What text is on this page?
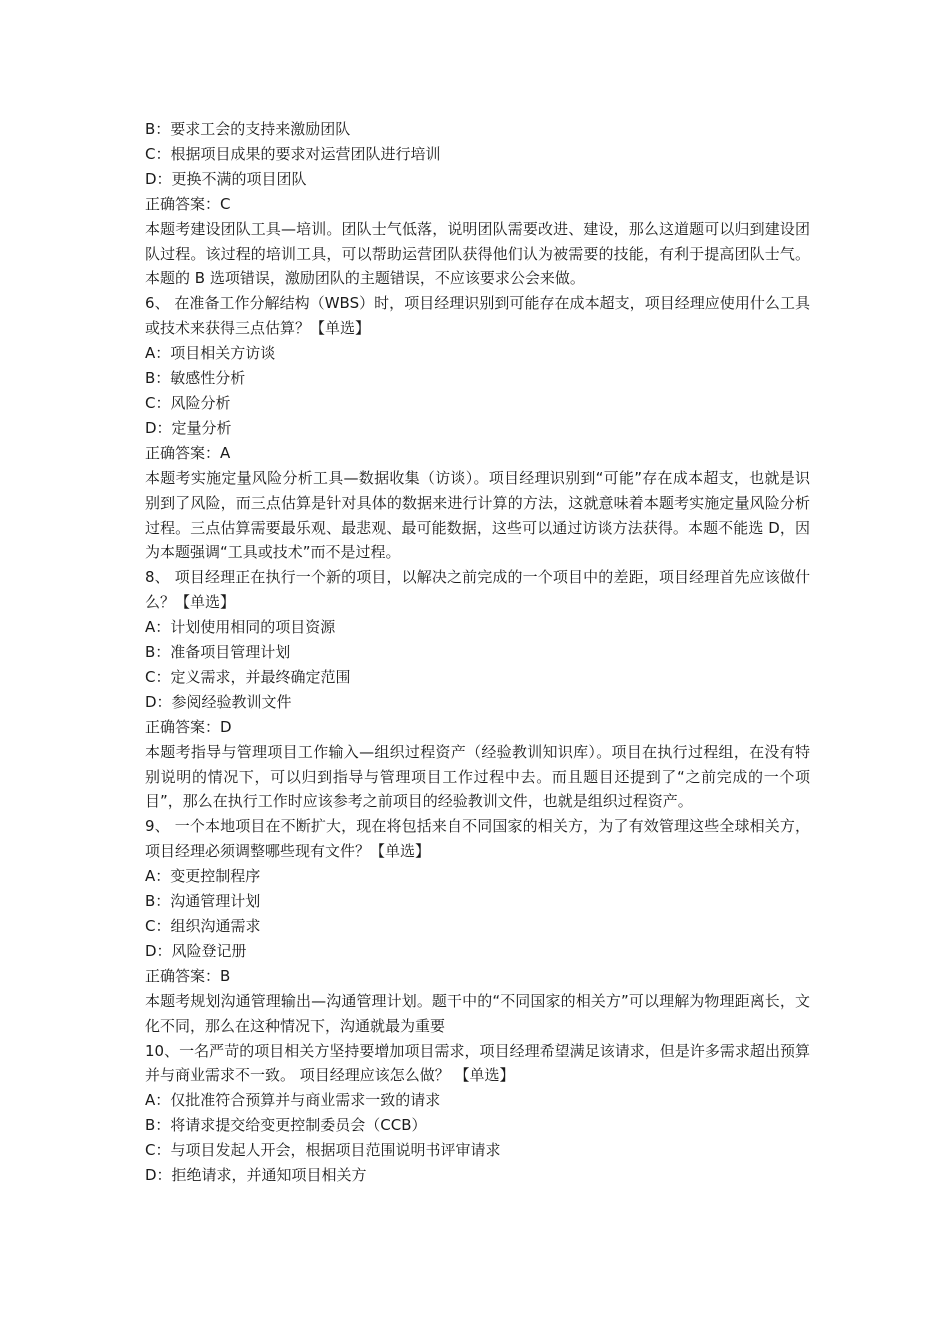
B：要求工会的支持来激励团队
C：根据项目成果的要求对运营团队进行培训
D：更换不满的项目团队
正确答案：C
本题考建设团队工具—培训。团队士气低落，说明团队需要改进、建设，那么这道题可以归到建设团队过程。该过程的培训工具，可以帮助运营团队获得他们认为被需要的技能，有利于提高团队士气。本题的 B 选项错误，激励团队的主题错误，不应该要求公会来做。
6、 在准备工作分解结构（WBS）时，项目经理识别到可能存在成本超支，项目经理应使用什么工具或技术来获得三点估算？【单选】
A：项目相关方访谈
B：敏感性分析
C：风险分析
D：定量分析
正确答案：A
本题考实施定量风险分析工具—数据收集（访谈）。项目经理识别到“可能”存在成本超支，也就是识别到了风险，而三点估算是针对具体的数据来进行计算的方法，这就意味着本题考实施定量风险分析过程。三点估算需要最乐观、最悲观、最可能数据，这些可以通过访谈方法获得。本题不能选 D，因为本题强调“工具或技术”而不是过程。
8、 项目经理正在执行一个新的项目，以解决之前完成的一个项目中的差距，项目经理首先应该做什么？【单选】
A：计划使用相同的项目资源
B：准备项目管理计划
C：定义需求，并最终确定范围
D：参阅经验教训文件
正确答案：D
本题考指导与管理项目工作输入—组织过程资产（经验教训知识库）。项目在执行过程组，在没有特别说明的情况下，可以归到指导与管理项目工作过程中去。而且题目还提到了“之前完成的一个项目”，那么在执行工作时应该参考之前项目的经验教训文件，也就是组织过程资产。
9、 一个本地项目在不断扩大，现在将包括来自不同国家的相关方，为了有效管理这些全球相关方，项目经理必须调整哪些现有文件？【单选】
A：变更控制程序
B：沟通管理计划
C：组织沟通需求
D：风险登记册
正确答案：B
本题考规划沟通管理输出—沟通管理计划。题干中的“不同国家的相关方”可以理解为物理距离长，文化不同，那么在这种情况下，沟通就最为重要
10、一名严苛的项目相关方坚持要增加项目需求，项目经理希望满足该请求，但是许多需求超出预算并与商业需求不一致。 项目经理应该怎么做？ 【单选】
A：仅批准符合预算并与商业需求一致的请求
B：将请求提交给变更控制委员会（CCB）
C：与项目发起人开会，根据项目范围说明书评审请求
D：拒绝请求，并通知项目相关方
